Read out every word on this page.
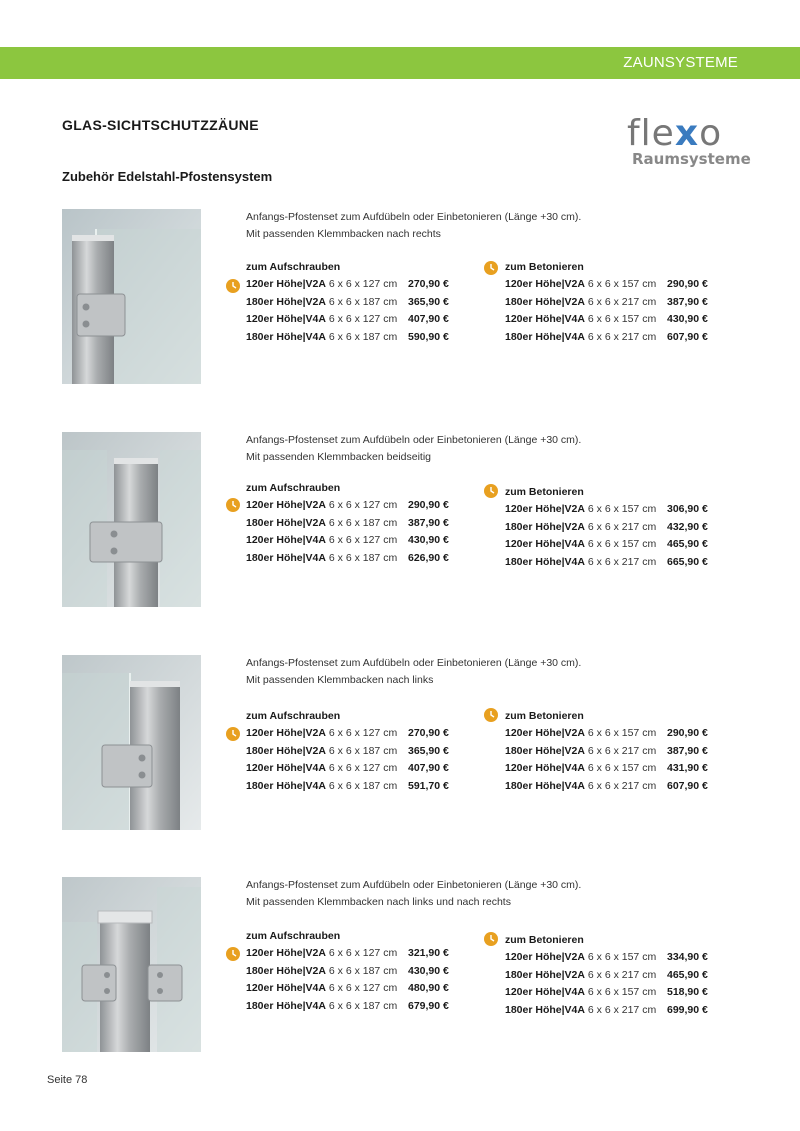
ZAUNSYSTEME
GLAS-SICHTSCHUTZZÄUNE
Zubehör Edelstahl-Pfostensystem
flexo
Raumsysteme
Anfangs-Pfostenset zum Aufdübeln oder Einbetonieren (Länge +30 cm).
Mit passenden Klemmbacken nach rechts
zum Aufschrauben
120er Höhe|V2A 6 x 6 x 127 cm 270,90 €
180er Höhe|V2A 6 x 6 x 187 cm 365,90 €
120er Höhe|V4A 6 x 6 x 127 cm 407,90 €
180er Höhe|V4A 6 x 6 x 187 cm 590,90 €
zum Betonieren
120er Höhe|V2A 6 x 6 x 157 cm 290,90 €
180er Höhe|V2A 6 x 6 x 217 cm 387,90 €
120er Höhe|V4A 6 x 6 x 157 cm 430,90 €
180er Höhe|V4A 6 x 6 x 217 cm 607,90 €
Anfangs-Pfostenset zum Aufdübeln oder Einbetonieren (Länge +30 cm).
Mit passenden Klemmbacken beidseitig
zum Aufschrauben
120er Höhe|V2A 6 x 6 x 127 cm 290,90 €
180er Höhe|V2A 6 x 6 x 187 cm 387,90 €
120er Höhe|V4A 6 x 6 x 127 cm 430,90 €
180er Höhe|V4A 6 x 6 x 187 cm 626,90 €
zum Betonieren
120er Höhe|V2A 6 x 6 x 157 cm 306,90 €
180er Höhe|V2A 6 x 6 x 217 cm 432,90 €
120er Höhe|V4A 6 x 6 x 157 cm 465,90 €
180er Höhe|V4A 6 x 6 x 217 cm 665,90 €
Anfangs-Pfostenset zum Aufdübeln oder Einbetonieren (Länge +30 cm).
Mit passenden Klemmbacken nach links
zum Aufschrauben
120er Höhe|V2A 6 x 6 x 127 cm 270,90 €
180er Höhe|V2A 6 x 6 x 187 cm 365,90 €
120er Höhe|V4A 6 x 6 x 127 cm 407,90 €
180er Höhe|V4A 6 x 6 x 187 cm 591,70 €
zum Betonieren
120er Höhe|V2A 6 x 6 x 157 cm 290,90 €
180er Höhe|V2A 6 x 6 x 217 cm 387,90 €
120er Höhe|V4A 6 x 6 x 157 cm 431,90 €
180er Höhe|V4A 6 x 6 x 217 cm 607,90 €
Anfangs-Pfostenset zum Aufdübeln oder Einbetonieren (Länge +30 cm).
Mit passenden Klemmbacken nach links und nach rechts
zum Aufschrauben
120er Höhe|V2A 6 x 6 x 127 cm 321,90 €
180er Höhe|V2A 6 x 6 x 187 cm 430,90 €
120er Höhe|V4A 6 x 6 x 127 cm 480,90 €
180er Höhe|V4A 6 x 6 x 187 cm 679,90 €
zum Betonieren
120er Höhe|V2A 6 x 6 x 157 cm 334,90 €
180er Höhe|V2A 6 x 6 x 217 cm 465,90 €
120er Höhe|V4A 6 x 6 x 157 cm 518,90 €
180er Höhe|V4A 6 x 6 x 217 cm 699,90 €
Seite 78
